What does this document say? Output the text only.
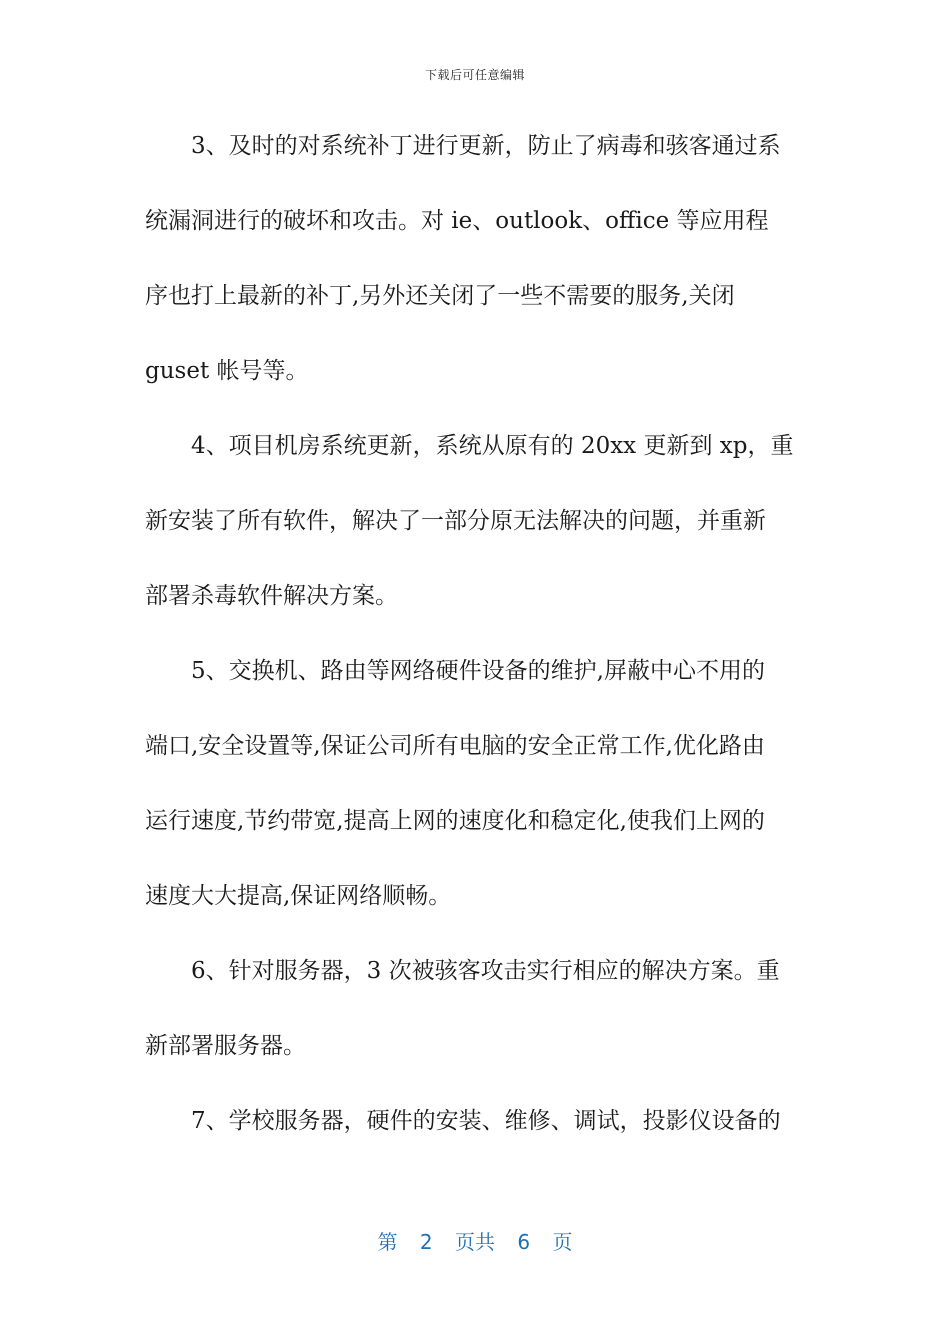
下载后可任意编辑
3、及时的对系统补丁进行更新，防止了病毒和骇客通过系
统漏洞进行的破坏和攻击。对 ie、outlook、office 等应用程
序也打上最新的补丁,另外还关闭了一些不需要的服务,关闭
guset 帐号等。
4、项目机房系统更新，系统从原有的 20xx 更新到 xp，重
新安装了所有软件，解决了一部分原无法解决的问题，并重新
部署杀毒软件解决方案。
5、交换机、路由等网络硬件设备的维护,屏蔽中心不用的
端口,安全设置等,保证公司所有电脑的安全正常工作,优化路由
运行速度,节约带宽,提高上网的速度化和稳定化,使我们上网的
速度大大提高,保证网络顺畅。
6、针对服务器，3 次被骇客攻击实行相应的解决方案。重
新部署服务器。
7、学校服务器，硬件的安装、维修、调试，投影仪设备的
第 2 页共 6 页
